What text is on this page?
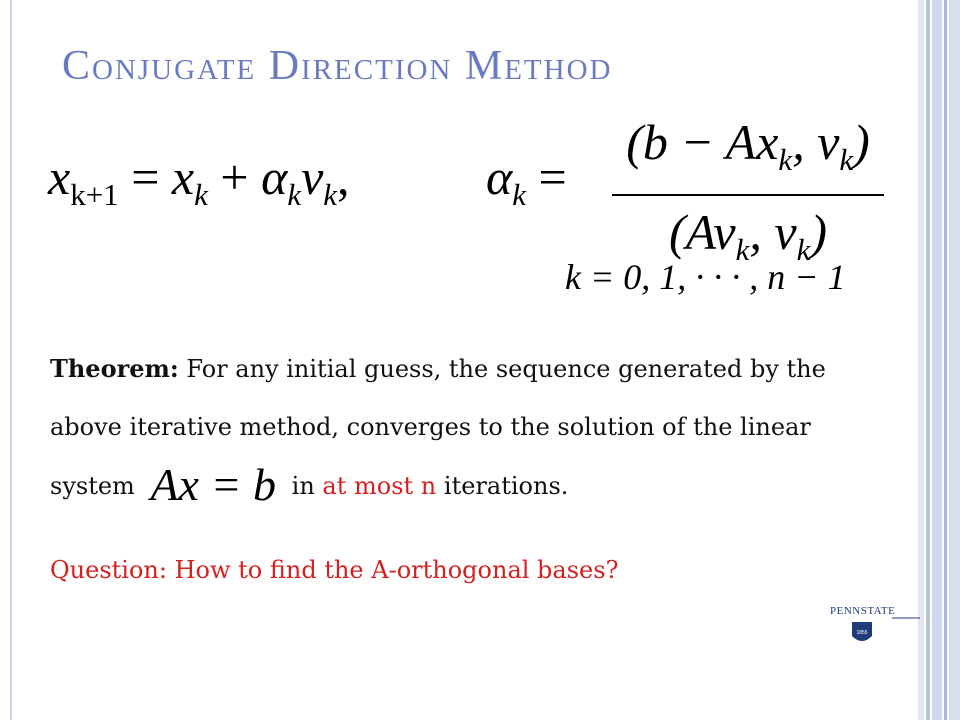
Conjugate Direction Method
$x_{k+1} = x_k + \alpha_kv_k$,	$\alpha_k$ =
($b - Ax_k$, $v_k$)
($Av_k$, $v_k$)
k = 0, 1, · · · , n − 1
Theorem: For any initial guess, the sequence generated by the above iterative method, converges to the solution of the linear system Ax = b in at most n iterations.
Question: How to find the A-orthogonal bases?
PENNSTATE
1855
